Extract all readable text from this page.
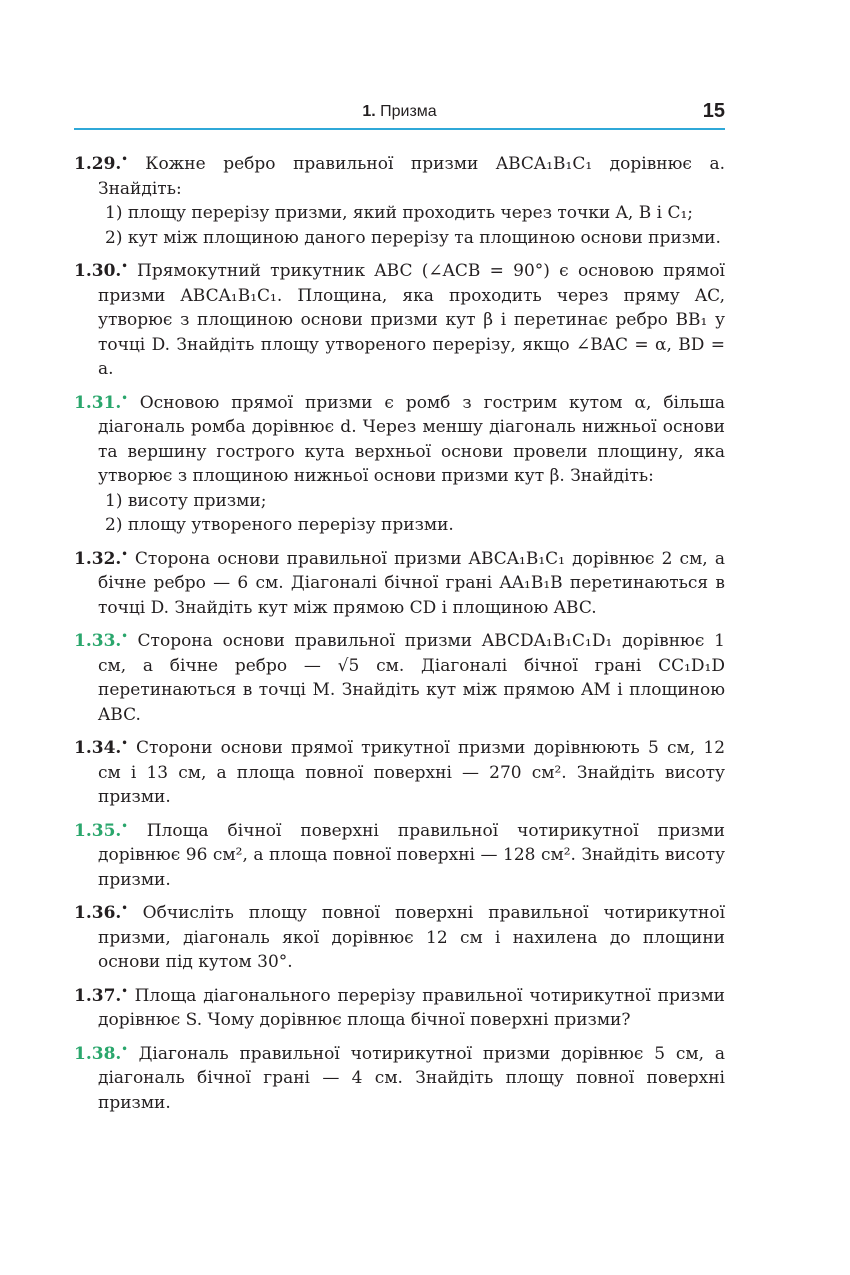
1. Призма	15
1.29.• Кожне ребро правильної призми ABCA₁B₁C₁ дорівнює a. Знайдіть:
1) площу перерізу призми, який проходить через точки A, B і C₁;
2) кут між площиною даного перерізу та площиною основи призми.
1.30.• Прямокутний трикутник ABC (∠ACB = 90°) є основою прямої призми ABCA₁B₁C₁. Площина, яка проходить через пряму AC, утворює з площиною основи призми кут β і перетинає ребро BB₁ у точці D. Знайдіть площу утвореного перерізу, якщо ∠BAC = α, BD = a.
1.31.• Основою прямої призми є ромб з гострим кутом α, більша діагональ ромба дорівнює d. Через меншу діагональ нижньої основи та вершину гострого кута верхньої основи провели площину, яка утворює з площиною нижньої основи призми кут β. Знайдіть:
1) висоту призми;
2) площу утвореного перерізу призми.
1.32.• Сторона основи правильної призми ABCA₁B₁C₁ дорівнює 2 см, а бічне ребро — 6 см. Діагоналі бічної грані AA₁B₁B перетинаються в точці D. Знайдіть кут між прямою CD і площиною ABC.
1.33.• Сторона основи правильної призми ABCDA₁B₁C₁D₁ дорівнює 1 см, а бічне ребро — √5 см. Діагоналі бічної грані CC₁D₁D перетинаються в точці M. Знайдіть кут між прямою AM і площиною ABC.
1.34.• Сторони основи прямої трикутної призми дорівнюють 5 см, 12 см і 13 см, а площа повної поверхні — 270 см². Знайдіть висоту призми.
1.35.• Площа бічної поверхні правильної чотирикутної призми дорівнює 96 см², а площа повної поверхні — 128 см². Знайдіть висоту призми.
1.36.• Обчисліть площу повної поверхні правильної чотирикутної призми, діагональ якої дорівнює 12 см і нахилена до площини основи під кутом 30°.
1.37.• Площа діагонального перерізу правильної чотирикутної призми дорівнює S. Чому дорівнює площа бічної поверхні призми?
1.38.• Діагональ правильної чотирикутної призми дорівнює 5 см, а діагональ бічної грані — 4 см. Знайдіть площу повної поверхні призми.
